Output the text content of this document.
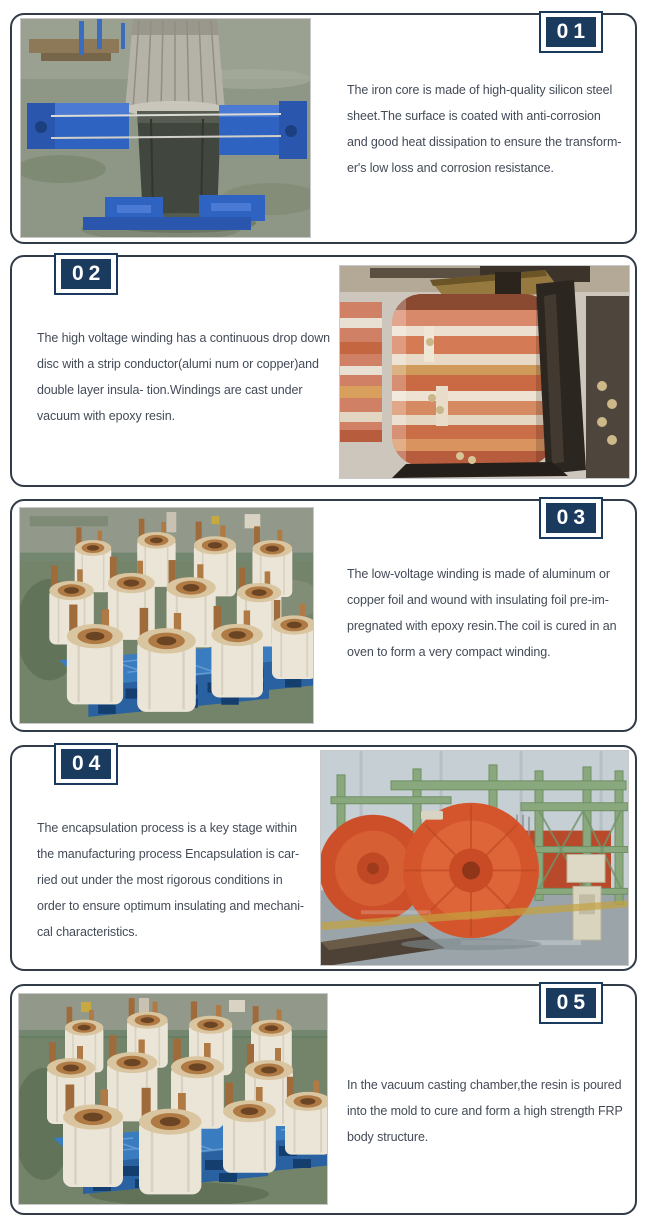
01
The iron core is made of high-quality silicon steel
sheet.The surface is coated with anti-corrosion
and good heat dissipation to ensure the transform-
er's low loss and corrosion resistance.
02
The high voltage winding has a continuous drop down
disc with a strip conductor(alumi num or copper)and
double layer insula- tion.Windings are cast under
vacuum with epoxy resin.
03
The low-voltage winding is made of aluminum or
copper foil and wound with insulating foil pre-im-
pregnated with epoxy resin.The coil is cured in an
oven to form a very compact winding.
04
The encapsulation process is a key stage within
the manufacturing process Encapsulation is car-
ried out under the most rigorous conditions in
order to ensure optimum insulating and mechani-
cal characteristics.
05
In the vacuum casting chamber,the resin is poured
into the mold to cure and form a high strength FRP
body structure.
